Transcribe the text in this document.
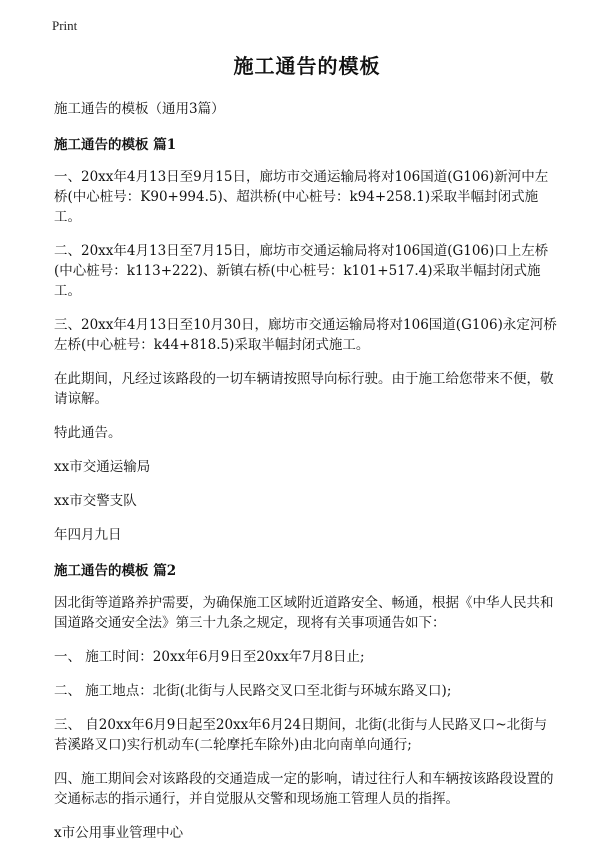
Print
施工通告的模板
施工通告的模板（通用3篇）
施工通告的模板 篇1
一、20xx年4月13日至9月15日，廊坊市交通运输局将对106国道(G106)新河中左桥(中心桩号：K90+994.5)、超洪桥(中心桩号：k94+258.1)采取半幅封闭式施工。
二、20xx年4月13日至7月15日，廊坊市交通运输局将对106国道(G106)口上左桥(中心桩号：k113+222)、新镇右桥(中心桩号：k101+517.4)采取半幅封闭式施工。
三、20xx年4月13日至10月30日，廊坊市交通运输局将对106国道(G106)永定河桥左桥(中心桩号：k44+818.5)采取半幅封闭式施工。
在此期间，凡经过该路段的一切车辆请按照导向标行驶。由于施工给您带来不便，敬请谅解。
特此通告。
xx市交通运输局
xx市交警支队
年四月九日
施工通告的模板 篇2
因北街等道路养护需要，为确保施工区域附近道路安全、畅通，根据《中华人民共和国道路交通安全法》第三十九条之规定，现将有关事项通告如下：
一、 施工时间：20xx年6月9日至20xx年7月8日止;
二、 施工地点：北街(北街与人民路交叉口至北街与环城东路叉口);
三、 自20xx年6月9日起至20xx年6月24日期间，北街(北街与人民路叉口~北街与苔溪路叉口)实行机动车(二轮摩托车除外)由北向南单向通行;
四、施工期间会对该路段的交通造成一定的影响，请过往行人和车辆按该路段设置的交通标志的指示通行，并自觉服从交警和现场施工管理人员的指挥。
x市公用事业管理中心
